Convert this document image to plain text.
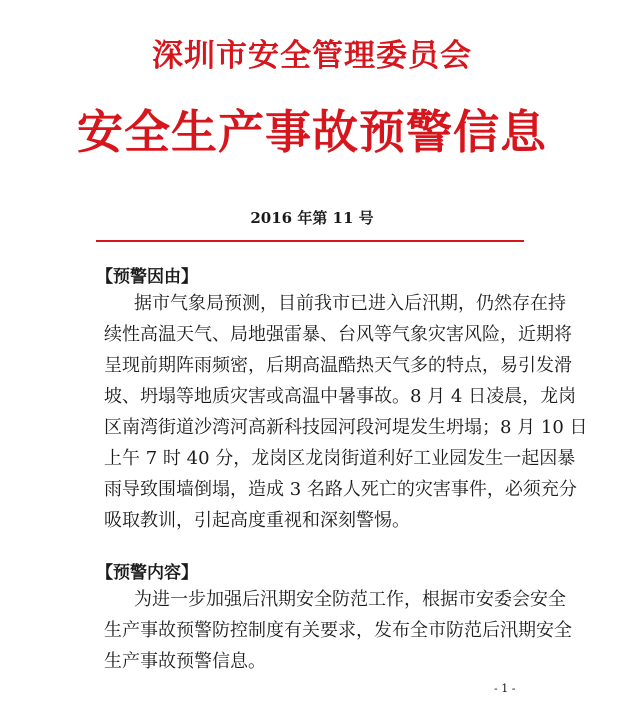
深圳市安全管理委员会
安全生产事故预警信息
2016 年第 11 号
【预警因由】
据市气象局预测，目前我市已进入后汛期，仍然存在持
续性高温天气、局地强雷暴、台风等气象灾害风险，近期将
呈现前期阵雨频密，后期高温酷热天气多的特点，易引发滑
坡、坍塌等地质灾害或高温中暑事故。8 月 4 日凌晨，龙岗
区南湾街道沙湾河高新科技园河段河堤发生坍塌；8 月 10 日
上午 7 时 40 分，龙岗区龙岗街道利好工业园发生一起因暴
雨导致围墙倒塌，造成 3 名路人死亡的灾害事件，必须充分
吸取教训，引起高度重视和深刻警惕。
【预警内容】
为进一步加强后汛期安全防范工作，根据市安委会安全
生产事故预警防控制度有关要求，发布全市防范后汛期安全
生产事故预警信息。
- 1 -
